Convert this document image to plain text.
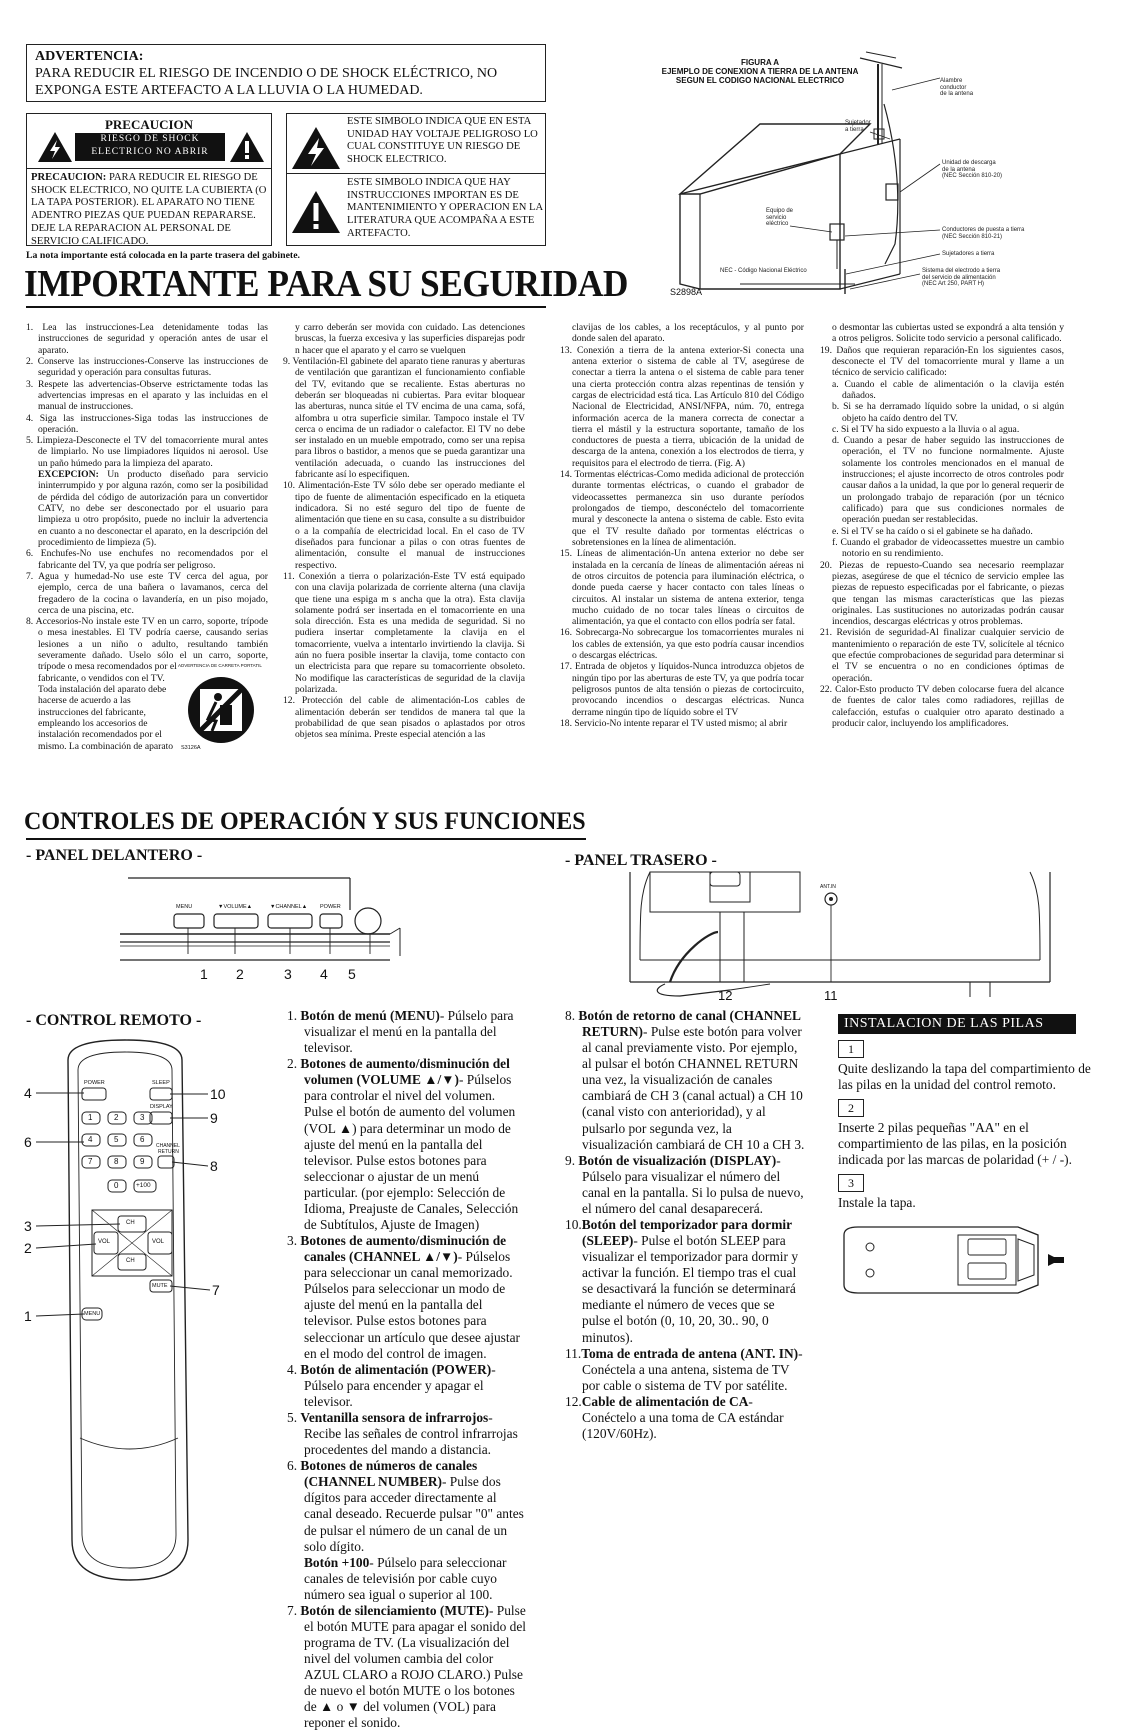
ADVERTENCIA:
PARA REDUCIR EL RIESGO DE INCENDIO O DE SHOCK ELÉCTRICO, NO EXPONGA ESTE ARTEFACTO A LA LLUVIA O LA HUMEDAD.
PRECAUCION
RIESGO DE SHOCK
ELECTRICO NO ABRIR
PRECAUCION: PARA REDUCIR EL RIESGO DE SHOCK ELECTRICO, NO QUITE LA CUBIERTA (O LA TAPA POSTERIOR). EL APARATO NO TIENE ADENTRO PIEZAS QUE PUEDAN REPARARSE. DEJE LA REPARACION AL PERSONAL DE SERVICIO CALIFICADO.
ESTE SIMBOLO INDICA QUE EN ESTA UNIDAD HAY VOLTAJE PELIGROSO LO CUAL CONSTITUYE UN RIESGO DE SHOCK ELECTRICO.
ESTE SIMBOLO INDICA QUE HAY INSTRUCCIONES IMPORTAN ES DE MANTENIMIENTO Y OPERACION EN LA LITERATURA QUE ACOMPAÑA A ESTE ARTEFACTO.
La nota importante está colocada en la parte trasera del gabinete.
FIGURA A
EJEMPLO DE CONEXION A TIERRA DE LA ANTENA
SEGUN EL CODIGO NACIONAL ELECTRICO	Alambre
conductor
de la antena
Sujetador
a tierra
Unidad de descarga
de la antena
(NEC Sección 810-20)
Equipo de
servicio
eléctrico
Conductores de puesta a tierra
(NEC Sección 810-21)
Sujetadores a tierra
NEC - Código Nacional Eléctrico	Sistema del electrodo a tierra
del servicio de alimentación
(NEC Art 250, PART H)
S2898A
IMPORTANTE PARA SU SEGURIDAD

1. Lea las instrucciones-Lea detenidamente todas las instrucciones de seguridad y operación antes de usar el aparato.

2. Conserve las instrucciones-Conserve las instrucciones de seguridad y operación para consultas futuras.

3. Respete las advertencias-Observe estrictamente todas las advertencias impresas en el aparato y las incluidas en el manual de instrucciones.

4. Siga las instrucciones-Siga todas las instrucciones de operación.

5. Limpieza-Desconecte el TV del tomacorriente mural antes de limpiarlo. No use limpiadores líquidos ni aerosol. Use un paño húmedo para la limpieza del aparato.

EXCEPCION: Un producto diseñado para servicio ininterrumpido y por alguna razón, como ser la posibilidad de pérdida del código de autorización para un convertidor CATV, no debe ser desconectado por el usuario para limpieza u otro propósito, puede no incluir la advertencia en cuanto a no desconectar el aparato, en la descripción del procedimiento de limpieza (5).

6. Enchufes-No use enchufes no recomendados por el fabricante del TV, ya que podría ser peligroso.

7. Agua y humedad-No use este TV cerca del agua, por ejemplo, cerca de una bañera o lavamanos, cerca del fregadero de la cocina o lavandería, en un piso mojado, cerca de una piscina, etc.

8. Accesorios-No instale este TV en un carro, soporte, trípode o mesa inestables. El TV podría caerse, causando serias lesiones a un niño o adulto, resultando también severamente dañado. Uselo sólo el un carro, soporte, trípode o mesa recomendados por el

fabricante, o vendidos con el TV. Toda instalación del aparato debe hacerse de acuerdo a las instrucciones del fabricante, empleando los accesorios de instalación recomendados por el mismo. La combinación de aparato
ADVERTENCIA DE CARRETA PORTATIL
S3126A

y carro deberán ser movida con cuidado. Las detenciones bruscas, la fuerza excesiva y las superficies disparejas podr n hacer que el aparato y el carro se vuelquen

9. Ventilación-El gabinete del aparato tiene ranuras y aberturas de ventilación que garantizan el funcionamiento confiable del TV, evitando que se recaliente. Estas aberturas no deberán ser bloqueadas ni cubiertas. Para evitar bloquear las aberturas, nunca sitúe el TV encima de una cama, sofá, alfombra u otra superficie similar. Tampoco instale el TV cerca o encima de un radiador o calefactor. El TV no debe ser instalado en un mueble empotrado, como ser una repisa para libros o bastidor, a menos que se pueda garantizar una ventilación adecuada, o cuando las instrucciones del fabricante así lo especifiquen.

10. Alimentación-Este TV sólo debe ser operado mediante el tipo de fuente de alimentación especificado en la etiqueta indicadora. Si no esté seguro del tipo de fuente de alimentación que tiene en su casa, consulte a su distribuidor o a la compañía de electricidad local. En el caso de TV diseñados para funcionar a pilas o con otras fuentes de alimentación, consulte el manual de instrucciones respectivo.

11. Conexión a tierra o polarización-Este TV está equipado con una clavija polarizada de corriente alterna (una clavija que tiene una espiga m s ancha que la otra). Esta clavija solamente podrá ser insertada en el tomacorriente en una sola dirección. Esta es una medida de seguridad. Si no pudiera insertar completamente la clavija en el tomacorriente, vuelva a intentarlo invirtiendo la clavija. Si aún no fuera posible insertar la clavija, tome contacto con un electricista para que repare su tomacorriente obsoleto. No modifique las características de seguridad de la clavija polarizada.

12. Protección del cable de alimentación-Los cables de alimentación deberán ser tendidos de manera tal que la probabilidad de que sean pisados o aplastados por otros objetos sea mínima. Preste especial atención a las

clavijas de los cables, a los receptáculos, y al punto por donde salen del aparato.

13. Conexión a tierra de la antena exterior-Si conecta una antena exterior o sistema de cable al TV, asegúrese de conectar a tierra la antena o el sistema de cable para tener una cierta protección contra alzas repentinas de tensión y cargas de electricidad está tica. Las Artículo 810 del Código Nacional de Electricidad, ANSI/NFPA, núm. 70, entrega información acerca de la manera correcta de conectar a tierra el mástil y la estructura soportante, tamaño de los conductores de puesta a tierra, ubicación de la unidad de descarga de la antena, conexión a los electrodos de tierra, y requisitos para el electrodo de tierra. (Fig. A)

14. Tormentas eléctricas-Como medida adicional de protección durante tormentas eléctricas, o cuando el grabador de videocassettes permanezca sin uso durante períodos prolongados de tiempo, desconéctelo del tomacorriente mural y desconecte la antena o sistema de cable. Esto evita que el TV resulte dañado por tormentas eléctricas o sobretensiones en la línea de alimentación.

15. Líneas de alimentación-Un antena exterior no debe ser instalada en la cercanía de líneas de alimentación aéreas ni de otros circuitos de potencia para iluminación eléctrica, o donde pueda caerse y hacer contacto con tales líneas o circuitos. Al instalar un sistema de antena exterior, tenga mucho cuidado de no tocar tales líneas o circuitos de alimentación, ya que el contacto con ellos podría ser fatal.

16. Sobrecarga-No sobrecargue los tomacorrientes murales ni los cables de extensión, ya que esto podría causar incendios o descargas eléctricas.

17. Entrada de objetos y líquidos-Nunca introduzca objetos de ningún tipo por las aberturas de este TV, ya que podría tocar peligrosos puntos de alta tensión o piezas de cortocircuito, provocando incendios o descargas eléctricas. Nunca derrame ningún tipo de líquido sobre el TV

18. Servicio-No intente reparar el TV usted mismo; al abrir

o desmontar las cubiertas usted se expondrá a alta tensión y a otros peligros. Solicite todo servicio a personal calificado.

19. Daños que requieran reparación-En los siguientes casos, desconecte el TV del tomacorriente mural y llame a un técnico de servicio calificado:

a. Cuando el cable de alimentación o la clavija estén dañados.

b. Si se ha derramado líquido sobre la unidad, o si algún objeto ha caído dentro del TV.

c. Si el TV ha sido expuesto a la lluvia o al agua.

d. Cuando a pesar de haber seguido las instrucciones de operación, el TV no funcione normalmente. Ajuste solamente los controles mencionados en el manual de instrucciones; el ajuste incorrecto de otros controles podr causar daños a la unidad, la que por lo general requerir de un prolongado trabajo de reparación (por un técnico calificado) para que sus condiciones normales de operación puedan ser restablecidas.

e. Si el TV se ha caído o si el gabinete se ha dañado.

f. Cuando el grabador de videocassettes muestre un cambio notorio en su rendimiento.

20. Piezas de repuesto-Cuando sea necesario reemplazar piezas, asegúrese de que el técnico de servicio emplee las piezas de repuesto especificadas por el fabricante, o piezas que tengan las mismas características que las piezas originales. Las sustituciones no autorizadas podrán causar incendios, descargas eléctricas y otros problemas.

21. Revisión de seguridad-Al finalizar cualquier servicio de mantenimiento o reparación de este TV, solicítele al técnico que efectúe comprobaciones de seguridad para determinar si el TV se encuentra o no en condiciones óptimas de operación.

22. Calor-Esto producto TV deben colocarse fuera del alcance de fuentes de calor tales como radiadores, rejillas de calefacción, estufas o cualquier otro aparato destinado a producir calor, incluyendo los amplificadores.

CONTROLES DE OPERACIÓN Y SUS FUNCIONES
- PANEL DELANTERO -
MENU	▼VOLUME▲	▼CHANNEL▲ POWER
1 2	3 4 5
- PANEL TRASERO -
ANT.IN
12	11
- CONTROL REMOTO -
POWER	SLEEP
DISPLAY
CHANNEL
RETURN
1	2	3
4	5	6
7	8	9
0	+100
CH
CH
VOL	VOL
MUTE
MENU
4
6
3
2
1
10
9
8
7

1. Botón de menú (MENU)- Púlselo para visualizar el menú en la pantalla del televisor.

2. Botones de aumento/disminución del volumen (VOLUME ▲/▼)- Púlselos para controlar el nivel del volumen. Pulse el botón de aumento del volumen (VOL ▲) para determinar un modo de ajuste del menú en la pantalla del televisor. Pulse estos botones para seleccionar o ajustar de un menú particular. (por ejemplo: Selección de Idioma, Preajuste de Canales, Selección de Subtítulos, Ajuste de Imagen)

3. Botones de aumento/disminución de canales (CHANNEL ▲/▼)- Púlselos para seleccionar un canal memorizado. Púlselos para seleccionar un modo de ajuste del menú en la pantalla del televisor. Pulse estos botones para seleccionar un artículo que desee ajustar en el modo del control de imagen.

4. Botón de alimentación (POWER)- Púlselo para encender y apagar el televisor.

5. Ventanilla sensora de infrarrojos- Recibe las señales de control infrarrojas procedentes del mando a distancia.

6. Botones de números de canales (CHANNEL NUMBER)- Pulse dos dígitos para acceder directamente al canal deseado. Recuerde pulsar "0" antes de pulsar el número de un canal de un solo dígito.

Botón +100- Púlselo para seleccionar canales de televisión por cable cuyo número sea igual o superior al 100.

7. Botón de silenciamiento (MUTE)- Pulse el botón MUTE para apagar el sonido del programa de TV. (La visualización del nivel del volumen cambia del color AZUL CLARO a ROJO CLARO.) Pulse de nuevo el botón MUTE o los botones de ▲ o ▼ del volumen (VOL) para reponer el sonido.

8. Botón de retorno de canal (CHANNEL RETURN)- Pulse este botón para volver al canal previamente visto. Por ejemplo, al pulsar el botón CHANNEL RETURN una vez, la visualización de canales cambiará de CH 3 (canal actual) a CH 10 (canal visto con anterioridad), y al pulsarlo por segunda vez, la visualización cambiará de CH 10 a CH 3.

9. Botón de visualización (DISPLAY)- Púlselo para visualizar el número del canal en la pantalla. Si lo pulsa de nuevo, el número del canal desaparecerá.

10.Botón del temporizador para dormir (SLEEP)- Pulse el botón SLEEP para visualizar el temporizador para dormir y activar la función. El tiempo tras el cual se desactivará la función se determinará mediante el número de veces que se pulse el botón (0, 10, 20, 30.. 90, 0 minutos).

11.Toma de entrada de antena (ANT. IN)- Conéctela a una antena, sistema de TV por cable o sistema de TV por satélite.

12.Cable de alimentación de CA- Conéctelo a una toma de CA estándar (120V/60Hz).

INSTALACION DE LAS PILAS
1
Quite deslizando la tapa del compartimiento de las pilas en la unidad del control remoto.
2
Inserte 2 pilas pequeñas "AA" en el compartimiento de las pilas, en la posición indicada por las marcas de polaridad (+ / -).
3
Instale la tapa.
